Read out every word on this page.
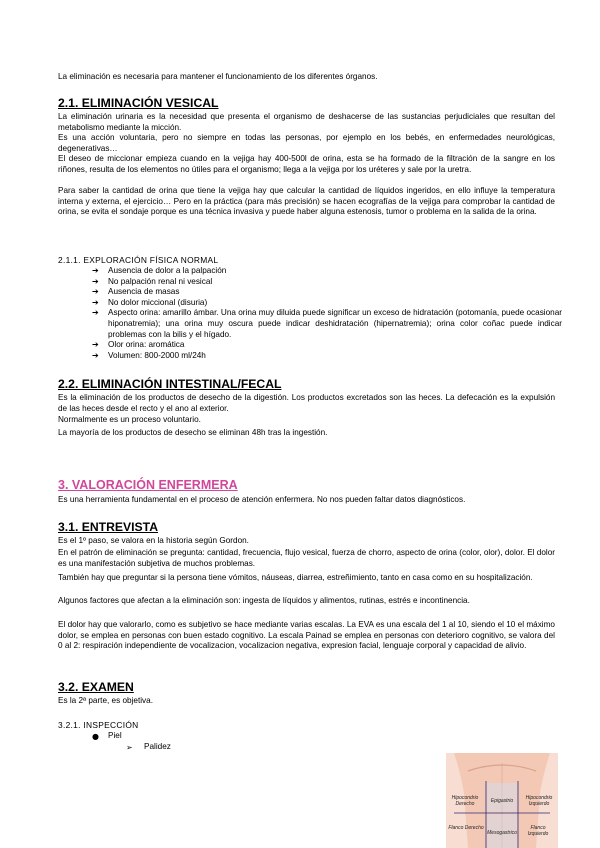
La eliminación es necesaria para mantener el funcionamiento de los diferentes órganos.
2.1. ELIMINACIÓN VESICAL
La eliminación urinaria es la necesidad que presenta el organismo de deshacerse de las sustancias perjudiciales que resultan del metabolismo mediante la micción.
Es una acción voluntaria, pero no siempre en todas las personas, por ejemplo en los bebés, en enfermedades neurológicas, degenerativas…
El deseo de miccionar empieza cuando en la vejiga hay 400-500l de orina, esta se ha formado de la filtración de la sangre en los riñones, resulta de los elementos no útiles para el organismo; llega a la vejiga por los uréteres y sale por la uretra.
Para saber la cantidad de orina que tiene la vejiga hay que calcular la cantidad de líquidos ingeridos, en ello influye la temperatura interna y externa, el ejercicio… Pero en la práctica (para más precisión) se hacen ecografías de la vejiga para comprobar la cantidad de orina, se evita el sondaje porque es una técnica invasiva y puede haber alguna estenosis, tumor o problema en la salida de la orina.
2.1.1. EXPLORACIÓN FÍSICA NORMAL
➔ Ausencia de dolor a la palpación
➔ No palpación renal ni vesical
➔ Ausencia de masas
➔ No dolor miccional (disuria)
➔ Aspecto orina: amarillo ámbar. Una orina muy diluida puede significar un exceso de hidratación (potomanía, puede ocasionar hiponatremia); una orina muy oscura puede indicar deshidratación (hipernatremia); orina color coñac puede indicar problemas con la bilis y el hígado.
➔ Olor orina: aromática
➔ Volumen: 800-2000 ml/24h
2.2. ELIMINACIÓN INTESTINAL/FECAL
Es la eliminación de los productos de desecho de la digestión. Los productos excretados son las heces. La defecación es la expulsión de las heces desde el recto y el ano al exterior.
Normalmente es un proceso voluntario.
La mayoría de los productos de desecho se eliminan 48h tras la ingestión.
3. VALORACIÓN ENFERMERA
Es una herramienta fundamental en el proceso de atención enfermera. No nos pueden faltar datos diagnósticos.
3.1. ENTREVISTA
Es el 1º paso, se valora en la historia según Gordon.
En el patrón de eliminación se pregunta: cantidad, frecuencia, flujo vesical, fuerza de chorro, aspecto de orina (color, olor), dolor. El dolor es una manifestación subjetiva de muchos problemas.
También hay que preguntar si la persona tiene vómitos, náuseas, diarrea, estreñimiento, tanto en casa como en su hospitalización.
Algunos factores que afectan a la eliminación son: ingesta de líquidos y alimentos, rutinas, estrés e incontinencia.
El dolor hay que valorarlo, como es subjetivo se hace mediante varias escalas. La EVA es una escala del 1 al 10, siendo el 10 el máximo dolor, se emplea en personas con buen estado cognitivo. La escala Painad se emplea en personas con deterioro cognitivo, se valora del 0 al 2: respiración independiente de vocalizacion, vocalizacion negativa, expresion facial, lenguaje corporal y capacidad de alivio.
3.2. EXAMEN
Es la 2ª parte, es objetiva.
3.2.1. INSPECCIÓN
● Piel
➢ Palidez
Hipocondrio Derecho	Epigastrio	Hipocondrio Izquierdo
Flanco Derecho
Mesogastrico
Flanco Izquierdo
